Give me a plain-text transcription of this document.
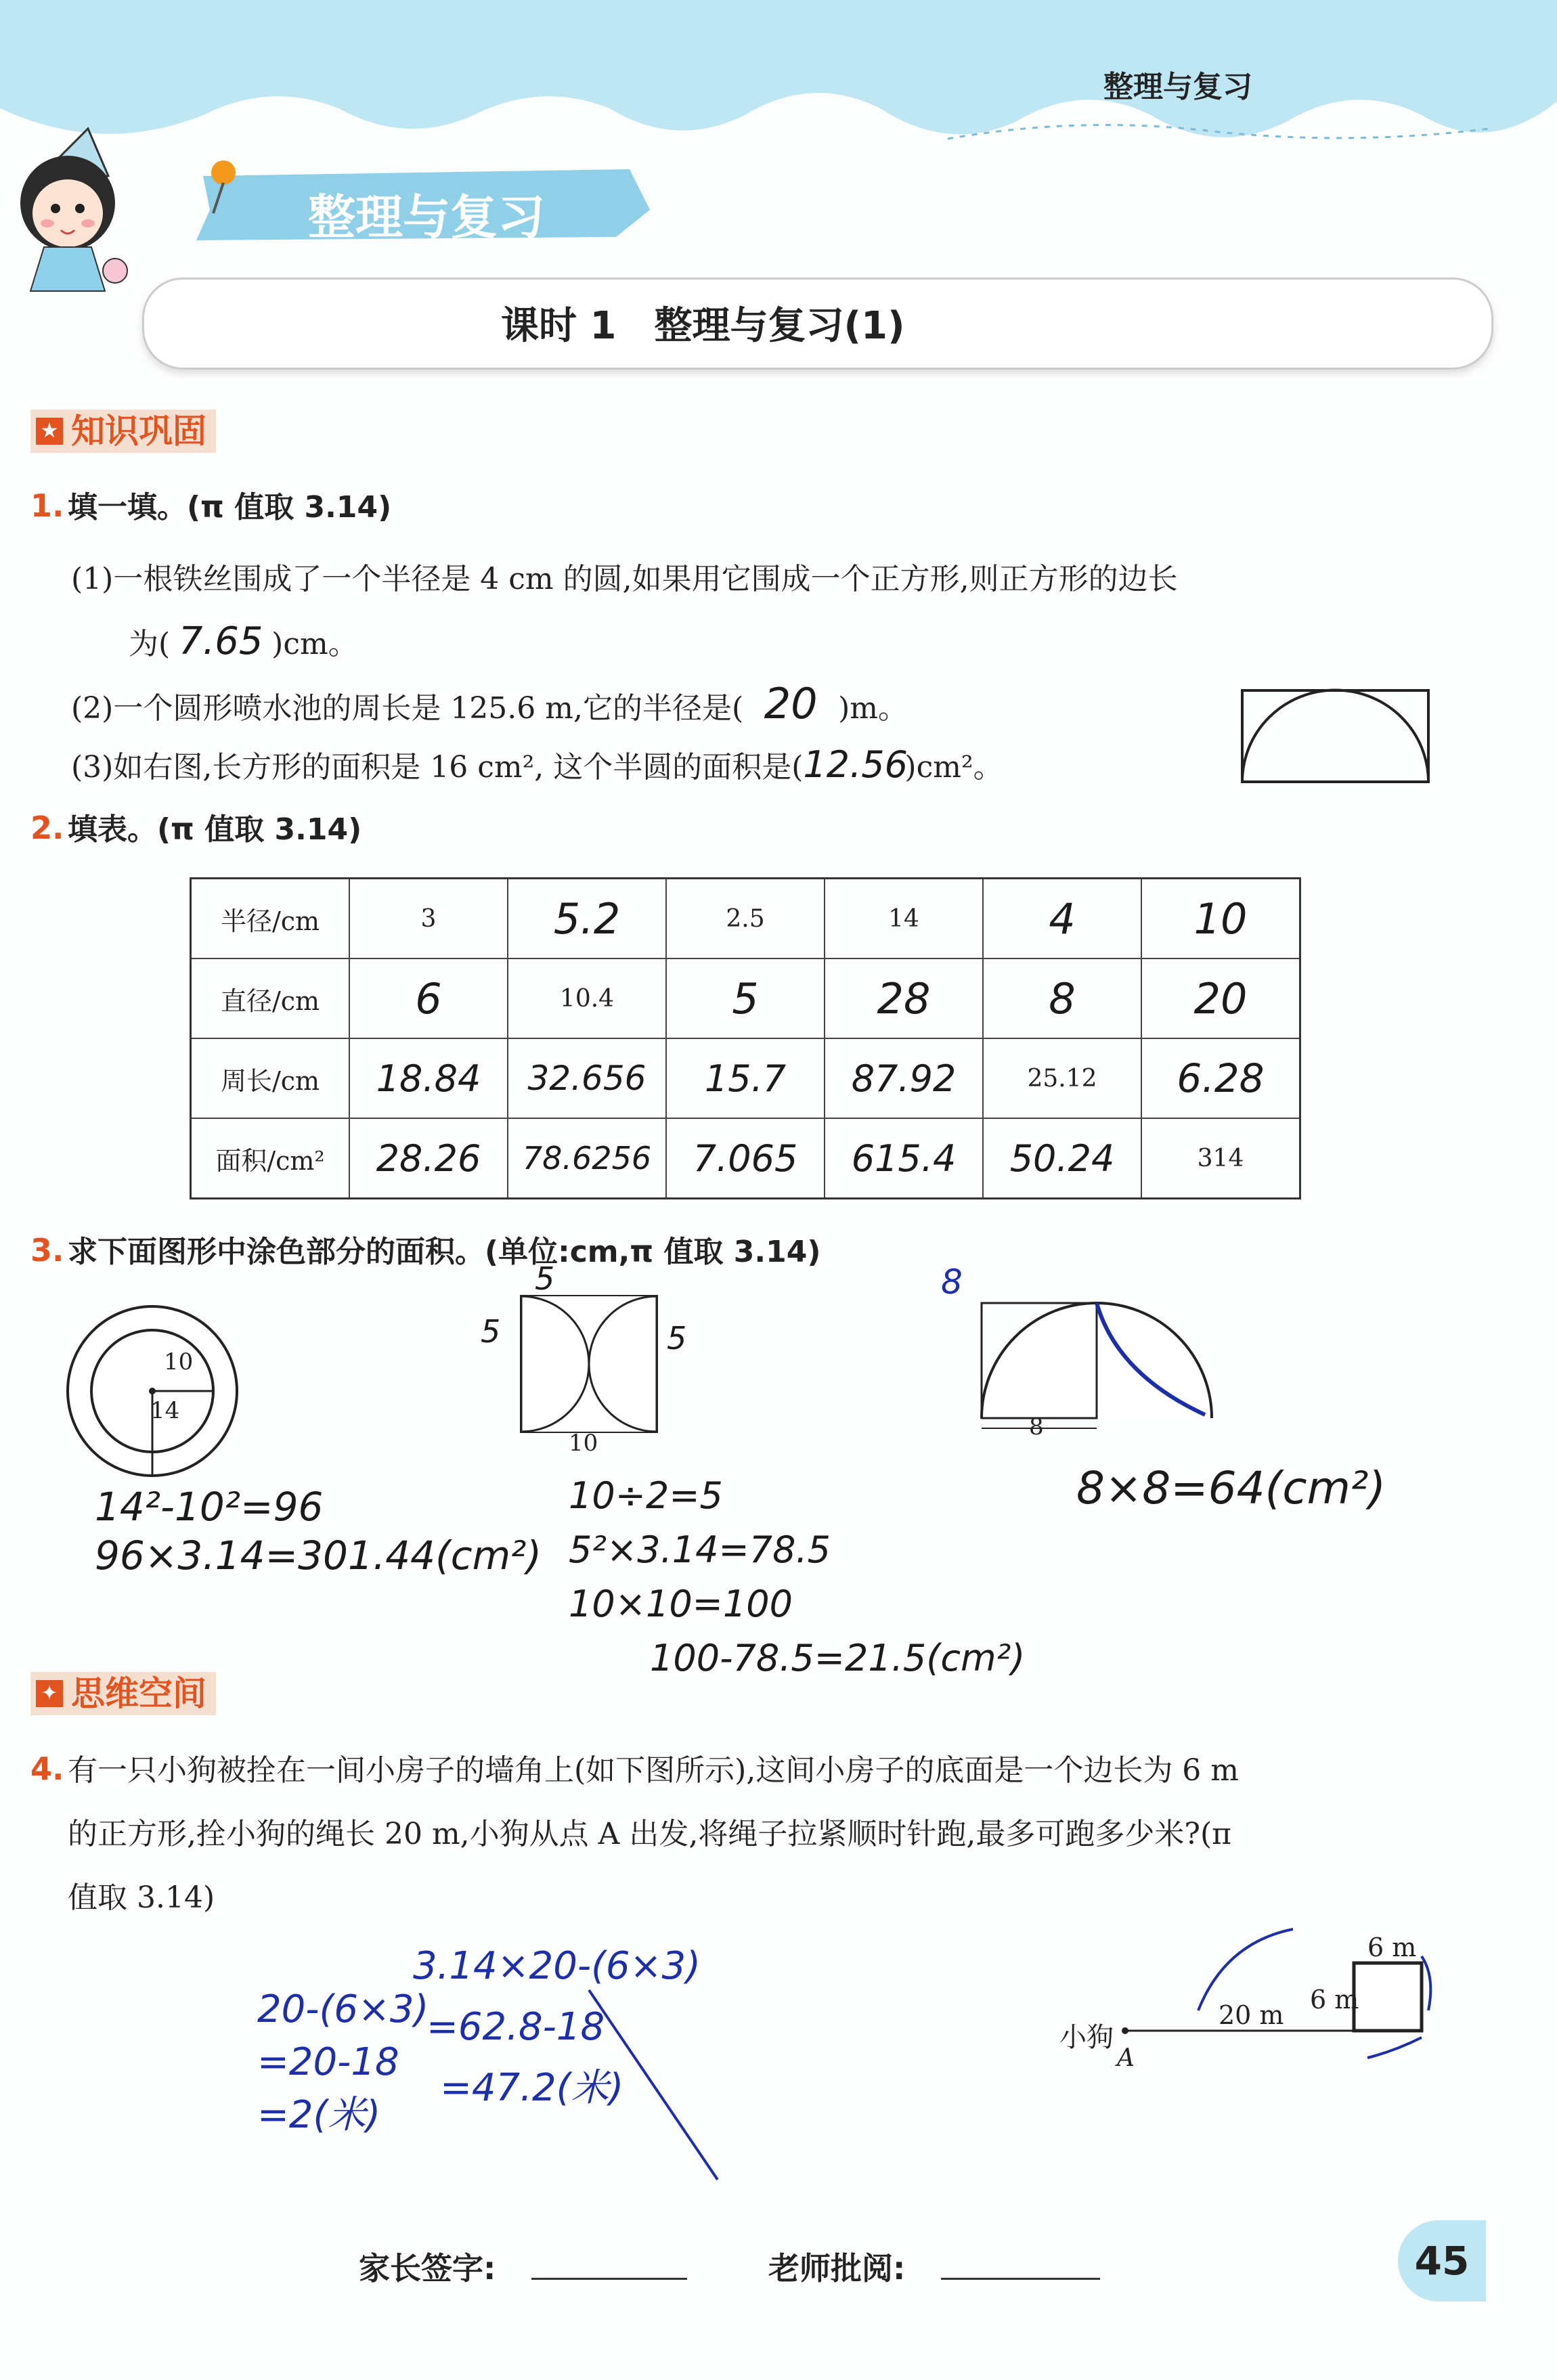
整理与复习
整理与复习
课时 1　整理与复习(1)
★ 知识巩固
1. 填一填。(π 值取 3.14)
(1)一根铁丝围成了一个半径是 4 cm 的圆,如果用它围成一个正方形,则正方形的边长
为( 7.65 )cm。
(2)一个圆形喷水池的周长是 125.6 m,它的半径是( 20 )m。
(3)如右图,长方形的面积是 16 cm², 这个半圆的面积是(12.56)cm²。
2. 填表。(π 值取 3.14)
半径/cm	3	5.2	2.5	14	4	10
直径/cm	6	10.4	5	28	8	20
周长/cm	18.84	32.656	15.7	87.92	25.12	6.28
面积/cm²	28.26	78.6256	7.065	615.4	50.24	314
3. 求下面图形中涂色部分的面积。(单位:cm,π 值取 3.14)
10
14
10
5	5
5
8
8
14²-10²=96
96×3.14=301.44(cm²)
10÷2=5
5²×3.14=78.5
10×10=100
100-78.5=21.5(cm²)
8×8=64(cm²)
✦ 思维空间
4. 有一只小狗被拴在一间小房子的墙角上(如下图所示),这间小房子的底面是一个边长为 6 m
的正方形,拴小狗的绳长 20 m,小狗从点 A 出发,将绳子拉紧顺时针跑,最多可跑多少米?(π
值取 3.14)
小狗
A
20 m
6 m
6 m
20-(6×3)
=20-18
=2(米)
3.14×20-(6×3)
=62.8-18
=47.2(米)
家长签字:	老师批阅:	45
